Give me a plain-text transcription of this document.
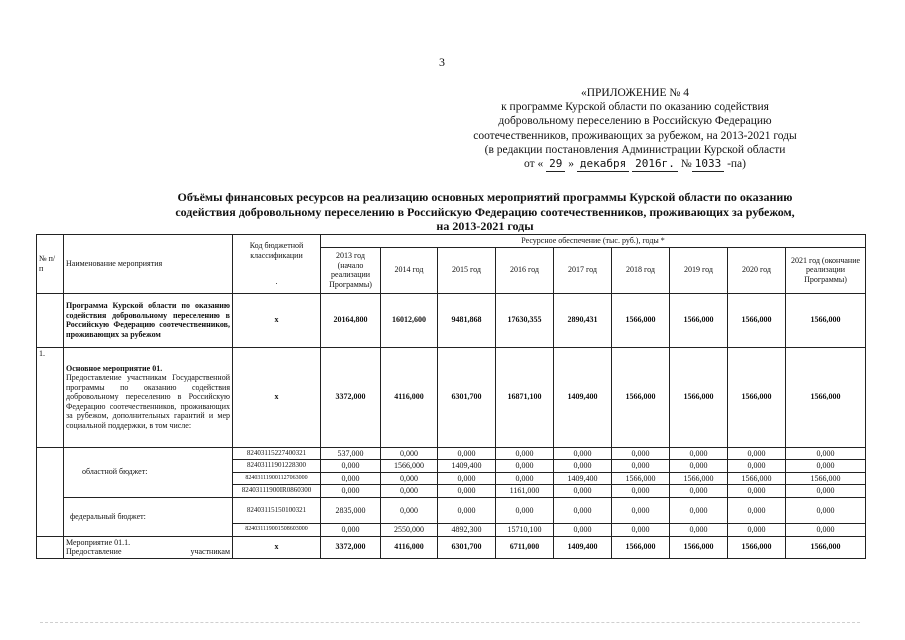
3
«ПРИЛОЖЕНИЕ № 4
к программе Курской области по оказанию содействия
добровольному переселению в Российскую Федерацию
соотечественников, проживающих за рубежом, на 2013-2021 годы
(в редакции постановления Администрации Курской области
от « 29 » декабря 2016г. № 1033 -па)
Объёмы финансовых ресурсов на реализацию основных мероприятий программы Курской области по оказанию
содействия добровольному переселению в Российскую Федерацию соотечественников, проживающих за рубежом,
на 2013-2021 годы
№ п/ п	Наименование мероприятия	Код бюджетной классификации
.	Ресурсное обеспечение (тыс. руб.), годы *								
			2013 год (начало реализации Программы)	2014 год	2015 год	2016 год	2017 год	2018 год	2019 год	2020 год	2021 год (окончание реализации Программы)
	Программа Курской области по оказанию содействия добровольному переселению в Российскую Федерацию соотечественников, проживающих за рубежом	х	20164,800	16012,600	9481,868	17630,355	2890,431	1566,000	1566,000	1566,000	1566,000
1.	Основное мероприятие 01.
Предоставление участникам Государственной программы по оказанию содействия добровольному переселению в Российскую Федерацию соотечественников, проживающих за рубежом, дополнительных гарантий и мер социальной поддержки, в том числе:	х	3372,000	4116,000	6301,700	16871,100	1409,400	1566,000	1566,000	1566,000	1566,000
	областной бюджет:	82403115227400321	537,000	0,000	0,000	0,000	0,000	0,000	0,000	0,000	0,000
		82403111901228300	0,000	1566,000	1409,400	0,000	0,000	0,000	0,000	0,000	0,000
		824031119001127063000	0,000	0,000	0,000	0,000	1409,400	1566,000	1566,000	1566,000	1566,000
		82403111900IR0860300	0,000	0,000	0,000	1161,000	0,000	0,000	0,000	0,000	0,000
	федеральный бюджет:	82403115150100321	2835,000	0,000	0,000	0,000	0,000	0,000	0,000	0,000	0,000
		824031119001508603000	0,000	2550,000	4892,300	15710,100	0,000	0,000	0,000	0,000	0,000

	Мероприятие 01.1.
Предоставление участникам	х	3372,000	4116,000	6301,700	6711,000	1409,400	1566,000	1566,000	1566,000	1566,000
